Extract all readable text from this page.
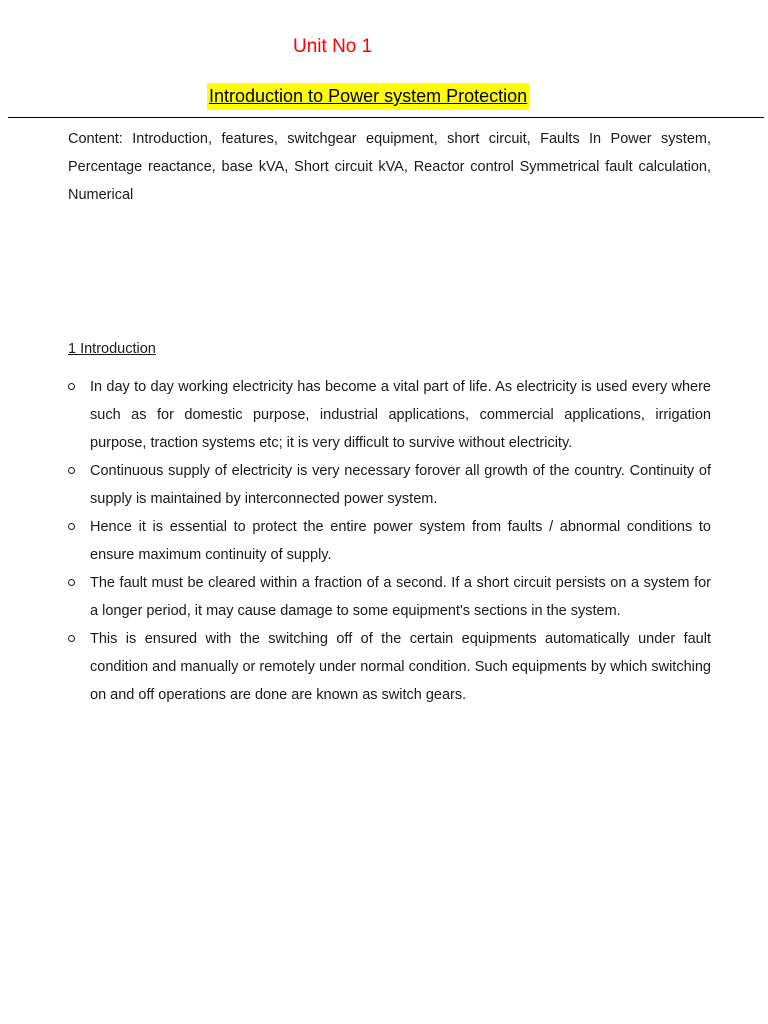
Unit No 1
Introduction to Power system Protection

Content: Introduction, features, switchgear equipment, short circuit, Faults In Power system, Percentage reactance, base kVA, Short circuit kVA, Reactor control Symmetrical fault calculation, Numerical

1 Introduction
In day to day working electricity has become a vital part of life. As electricity is used every where such as for domestic purpose, industrial applications, commercial applications, irrigation purpose, traction systems etc; it is very difficult to survive without electricity.
Continuous supply of electricity is very necessary forover all growth of the country. Continuity of supply is maintained by interconnected power system.
Hence it is essential to protect the entire power system from faults / abnormal conditions to ensure maximum continuity of supply.
The fault must be cleared within a fraction of a second. If a short circuit persists on a system for a longer period, it may cause damage to some equipment's sections in the system.
This is ensured with the switching off of the certain equipments automatically under fault condition and manually or remotely under normal condition. Such equipments by which switching on and off operations are done are known as switch gears.
